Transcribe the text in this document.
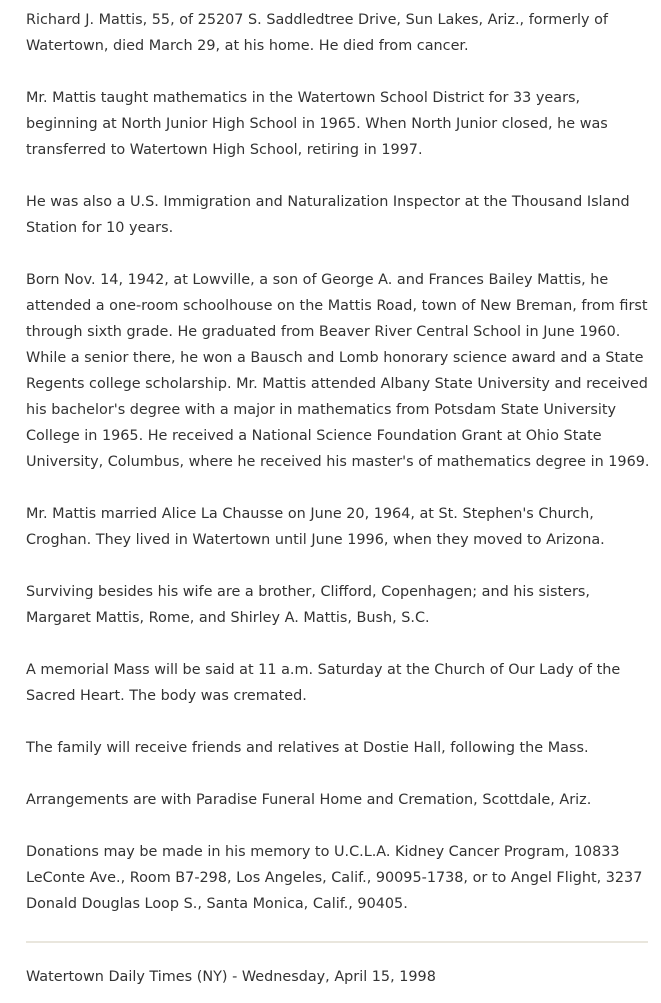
Richard J. Mattis, 55, of 25207 S. Saddledtree Drive, Sun Lakes, Ariz., formerly of Watertown, died March 29, at his home. He died from cancer.

Mr. Mattis taught mathematics in the Watertown School District for 33 years, beginning at North Junior High School in 1965. When North Junior closed, he was transferred to Watertown High School, retiring in 1997.

He was also a U.S. Immigration and Naturalization Inspector at the Thousand Island Station for 10 years.

Born Nov. 14, 1942, at Lowville, a son of George A. and Frances Bailey Mattis, he attended a one-room schoolhouse on the Mattis Road, town of New Breman, from first through sixth grade. He graduated from Beaver River Central School in June 1960. While a senior there, he won a Bausch and Lomb honorary science award and a State Regents college scholarship. Mr. Mattis attended Albany State University and received his bachelor's degree with a major in mathematics from Potsdam State University College in 1965. He received a National Science Foundation Grant at Ohio State University, Columbus, where he received his master's of mathematics degree in 1969.

Mr. Mattis married Alice La Chausse on June 20, 1964, at St. Stephen's Church, Croghan. They lived in Watertown until June 1996, when they moved to Arizona.

Surviving besides his wife are a brother, Clifford, Copenhagen; and his sisters, Margaret Mattis, Rome, and Shirley A. Mattis, Bush, S.C.

A memorial Mass will be said at 11 a.m. Saturday at the Church of Our Lady of the Sacred Heart. The body was cremated.

The family will receive friends and relatives at Dostie Hall, following the Mass.

Arrangements are with Paradise Funeral Home and Cremation, Scottdale, Ariz.

Donations may be made in his memory to U.C.L.A. Kidney Cancer Program, 10833 LeConte Ave., Room B7-298, Los Angeles, Calif., 90095-1738, or to Angel Flight, 3237 Donald Douglas Loop S., Santa Monica, Calif., 90405.

Watertown Daily Times (NY) - Wednesday, April 15, 1998
